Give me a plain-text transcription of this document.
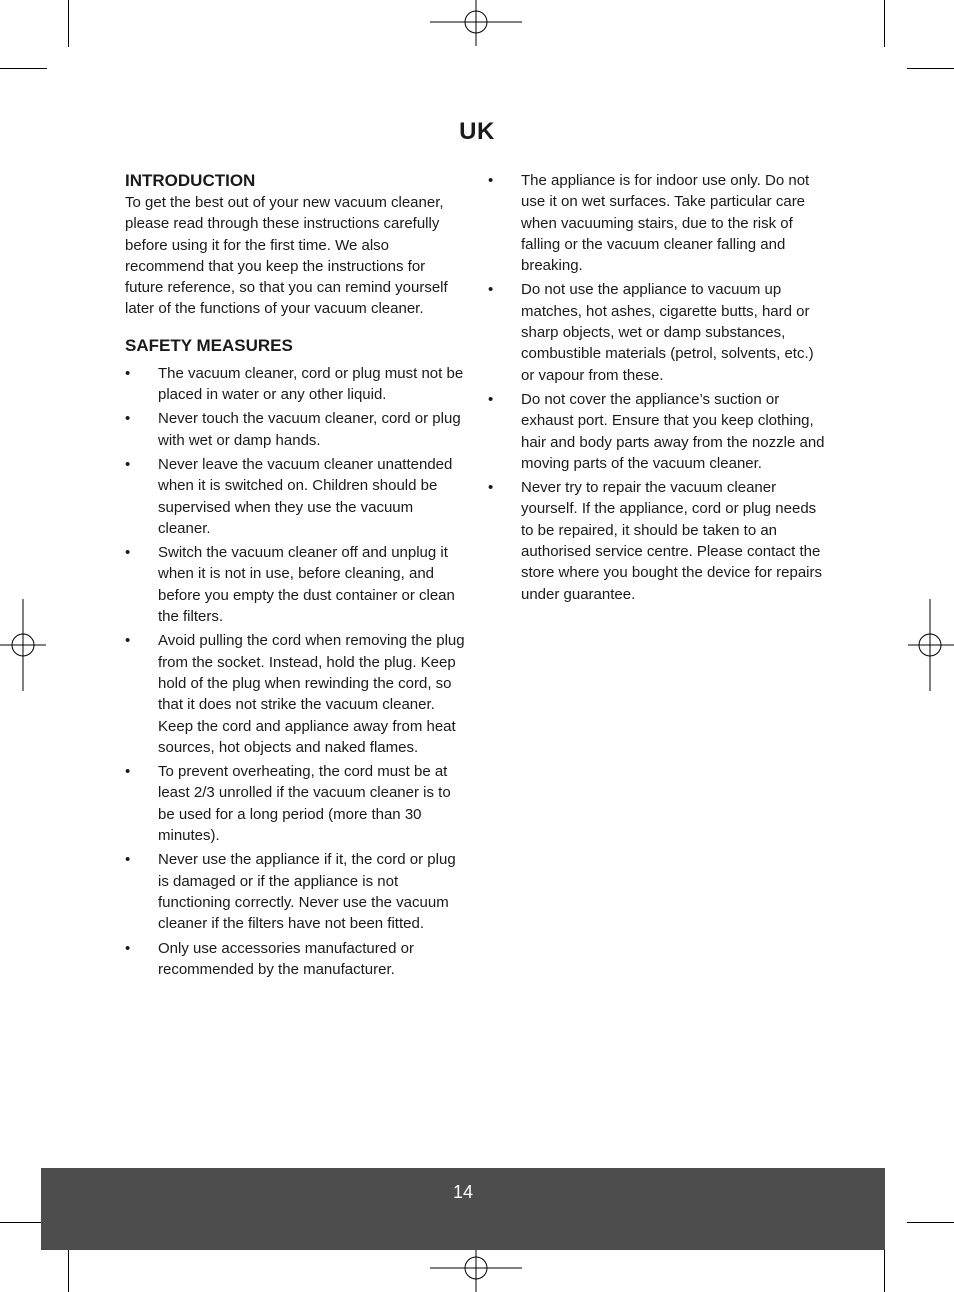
UK
INTRODUCTION

To get the best out of your new vacuum cleaner, please read through these instructions carefully before using it for the first time. We also recommend that you keep the instructions for future reference, so that you can remind yourself later of the functions of your vacuum cleaner.

SAFETY MEASURES
• The vacuum cleaner, cord or plug must not be placed in water or any other liquid.
• Never touch the vacuum cleaner, cord or plug with wet or damp hands.
• Never leave the vacuum cleaner unattended when it is switched on. Children should be supervised when they use the vacuum cleaner.
• Switch the vacuum cleaner off and unplug it when it is not in use, before cleaning, and before you empty the dust container or clean the filters.
• Avoid pulling the cord when removing the plug from the socket. Instead, hold the plug. Keep hold of the plug when rewinding the cord, so that it does not strike the vacuum cleaner. Keep the cord and appliance away from heat sources, hot objects and naked flames.
• To prevent overheating, the cord must be at least 2/3 unrolled if the vacuum cleaner is to be used for a long period (more than 30 minutes).
• Never use the appliance if it, the cord or plug is damaged or if the appliance is not functioning correctly. Never use the vacuum cleaner if the filters have not been fitted.
• Only use accessories manufactured or recommended by the manufacturer.
• The appliance is for indoor use only. Do not use it on wet surfaces. Take particular care when vacuuming stairs, due to the risk of falling or the vacuum cleaner falling and breaking.
• Do not use the appliance to vacuum up matches, hot ashes, cigarette butts, hard or sharp objects, wet or damp substances, combustible materials (petrol, solvents, etc.) or vapour from these.
• Do not cover the appliance’s suction or exhaust port. Ensure that you keep clothing, hair and body parts away from the nozzle and moving parts of the vacuum cleaner.
• Never try to repair the vacuum cleaner yourself. If the appliance, cord or plug needs to be repaired, it should be taken to an authorised service centre. Please contact the store where you bought the device for repairs under guarantee.
14
